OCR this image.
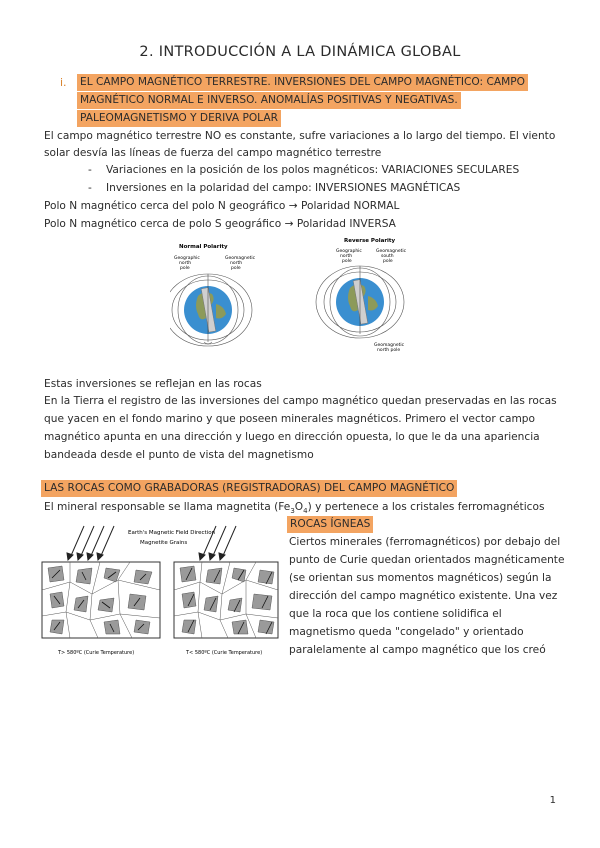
2. INTRODUCCIÓN A LA DINÁMICA GLOBAL
i. EL CAMPO MAGNÉTICO TERRESTRE. INVERSIONES DEL CAMPO MAGNÉTICO: CAMPO
MAGNÉTICO NORMAL E INVERSO. ANOMALÍAS POSITIVAS Y NEGATIVAS.
PALEOMAGNETISMO Y DERIVA POLAR
El campo magnético terrestre NO es constante, sufre variaciones a lo largo del tiempo. El viento
solar desvía las líneas de fuerza del campo magnético terrestre
- Variaciones en la posición de los polos magnéticos: VARIACIONES SECULARES
- Inversiones en la polaridad del campo: INVERSIONES MAGNÉTICAS
Polo N magnético cerca del polo N geográfico → Polaridad NORMAL
Polo N magnético cerca de polo S geográfico → Polaridad INVERSA
Normal Polarity
Geographic north pole
Geomagnetic north pole
Reverse Polarity
Geographic north pole
Geomagnetic south pole
Geomagnetic north pole
Estas inversiones se reflejan en las rocas
En la Tierra el registro de las inversiones del campo magnético quedan preservadas en las rocas
que yacen en el fondo marino y que poseen minerales magnéticos. Primero el vector campo
magnético apunta en una dirección y luego en dirección opuesta, lo que le da una apariencia
bandeada desde el punto de vista del magnetismo
LAS ROCAS COMO GRABADORAS (REGISTRADORAS) DEL CAMPO MAGNÉTICO
El mineral responsable se llama magnetita $(Fe_3O_4)$ y pertenece a los cristales ferromagnéticos
ROCAS ÍGNEAS
Ciertos minerales (ferromagnéticos) por debajo del
punto de Curie quedan orientados magnéticamente
(se orientan sus momentos magnéticos) según la
dirección del campo magnético existente. Una vez
que la roca que los contiene solidifica el
magnetismo queda "congelado" y orientado
paralelamente al campo magnético que los creó
Earth's Magnetic Field Direction
Magnetite Grains
T> 580ºC (Curie Temperature)	T< 580ºC (Curie Temperature)
1
